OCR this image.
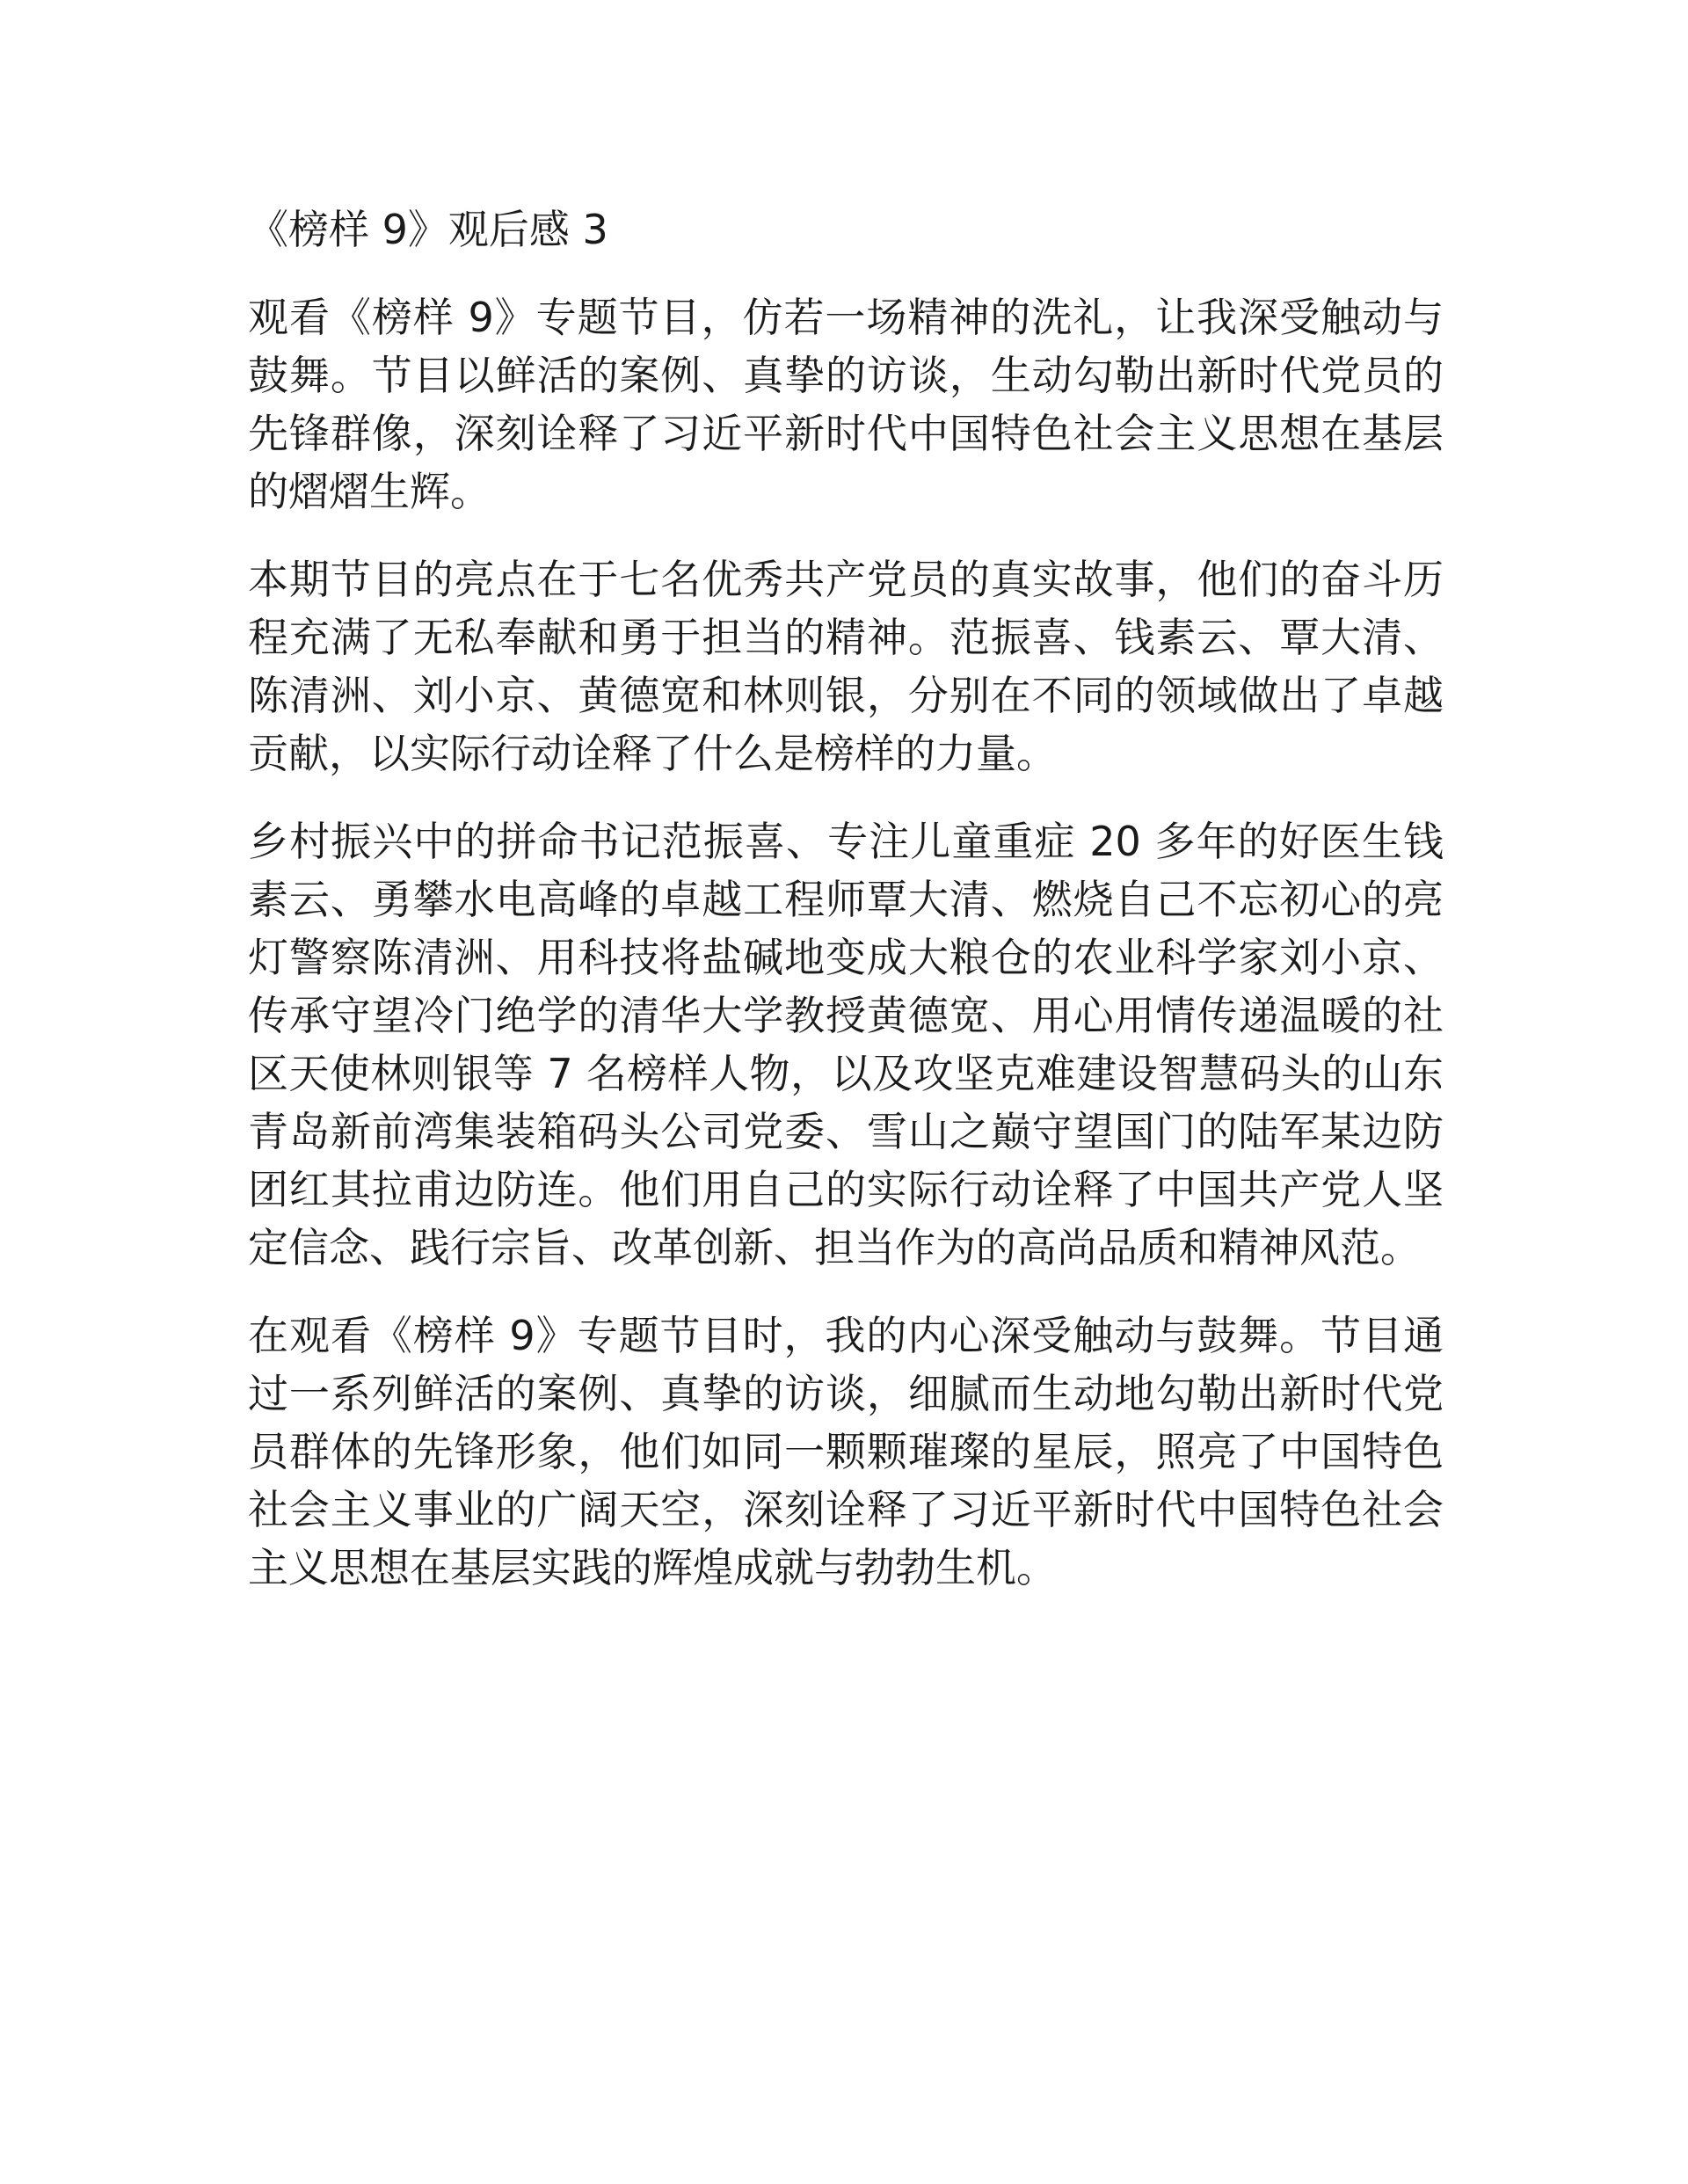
《榜样 9》观后感 3

观看《榜样 9》专题节目，仿若一场精神的洗礼，让我深受触动与鼓舞。节目以鲜活的案例、真挚的访谈，生动勾勒出新时代党员的先锋群像，深刻诠释了习近平新时代中国特色社会主义思想在基层的熠熠生辉。

本期节目的亮点在于七名优秀共产党员的真实故事，他们的奋斗历程充满了无私奉献和勇于担当的精神。范振喜、钱素云、覃大清、陈清洲、刘小京、黄德宽和林则银，分别在不同的领域做出了卓越贡献，以实际行动诠释了什么是榜样的力量。

乡村振兴中的拼命书记范振喜、专注儿童重症 20 多年的好医生钱素云、勇攀水电高峰的卓越工程师覃大清、燃烧自己不忘初心的亮灯警察陈清洲、用科技将盐碱地变成大粮仓的农业科学家刘小京、传承守望冷门绝学的清华大学教授黄德宽、用心用情传递温暖的社区天使林则银等 7 名榜样人物，以及攻坚克难建设智慧码头的山东青岛新前湾集装箱码头公司党委、雪山之巅守望国门的陆军某边防团红其拉甫边防连。他们用自己的实际行动诠释了中国共产党人坚定信念、践行宗旨、改革创新、担当作为的高尚品质和精神风范。

在观看《榜样 9》专题节目时，我的内心深受触动与鼓舞。节目通过一系列鲜活的案例、真挚的访谈，细腻而生动地勾勒出新时代党员群体的先锋形象，他们如同一颗颗璀璨的星辰，照亮了中国特色社会主义事业的广阔天空，深刻诠释了习近平新时代中国特色社会主义思想在基层实践的辉煌成就与勃勃生机。
